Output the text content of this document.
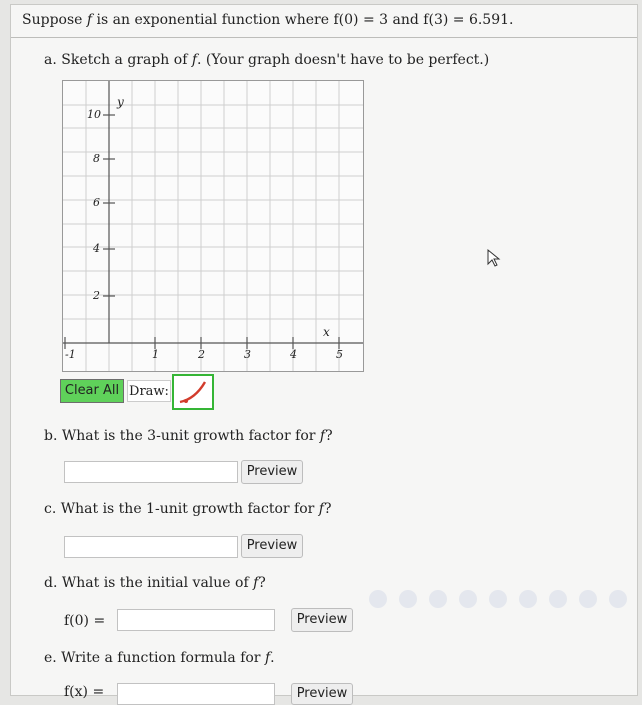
Suppose f is an exponential function where f(0) = 3 and f(3) = 6.591.
a. Sketch a graph of f. (Your graph doesn't have to be perfect.)
y
x
10
8
6
4
2
-1	1	2	3	4	5
Clear All Draw:
b. What is the 3-unit growth factor for f?
Preview
c. What is the 1-unit growth factor for f?
Preview
d. What is the initial value of f?
f(0) =	Preview
e. Write a function formula for f.
f(x) =	Preview
